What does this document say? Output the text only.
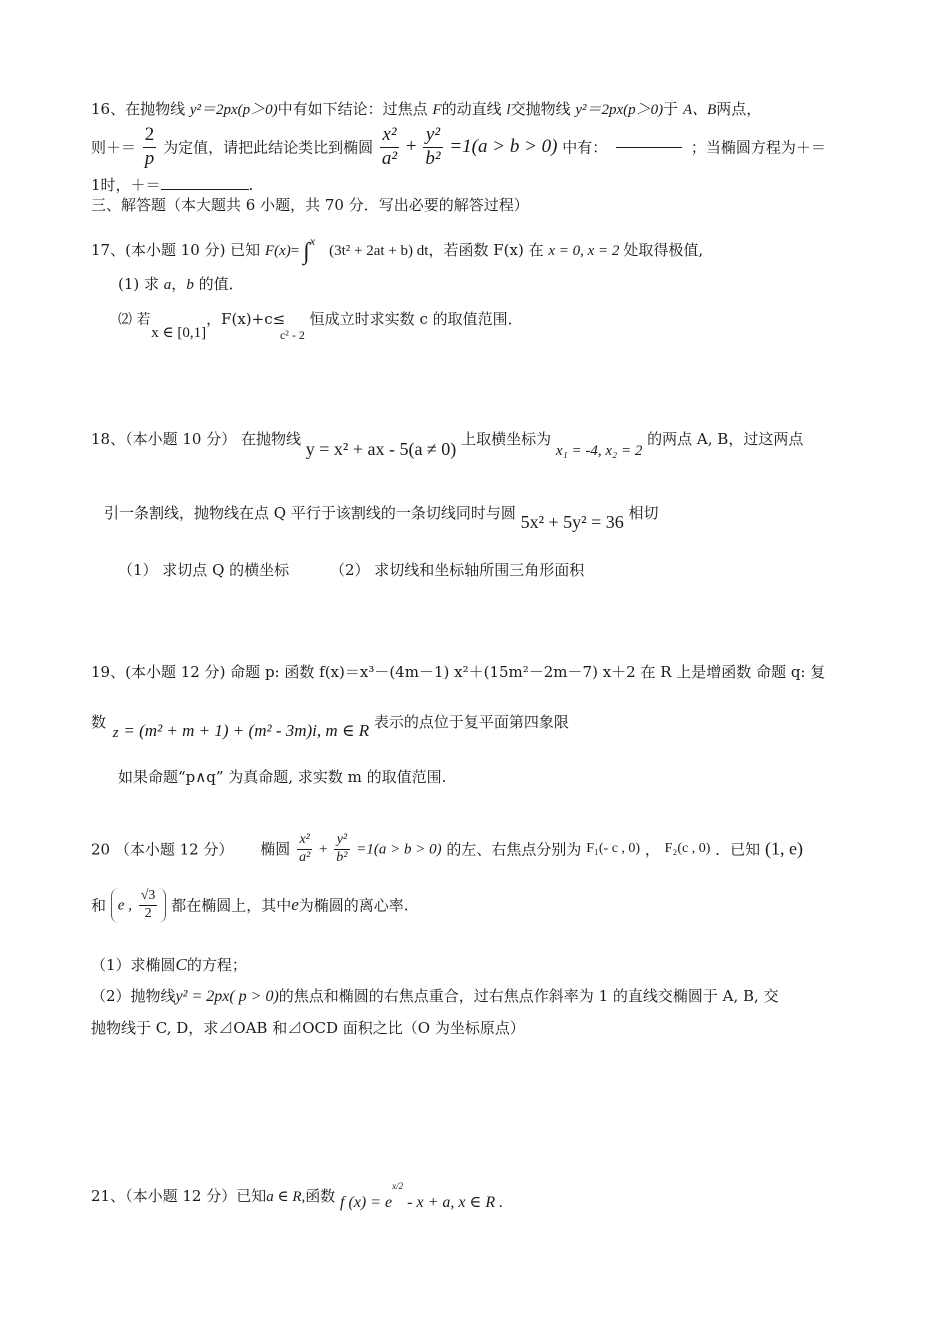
16、在抛物线 y²＝2px(p＞0)中有如下结论：过焦点 F的动直线 l交抛物线 y²＝2px(p＞0)于 A、B两点，
则＋＝ $\frac{2}{p}$ 为定值，请把此结论类比到椭圆 $\frac{\text{x²}}{\text{a²}} + \frac{\text{y²}}{\text{b²}} =1(a > b > 0)$ 中有：	；当椭圆方程为＋＝
1时，＋＝	.
三、解答题（本大题共 6 小题，共 70 分．写出必要的解答过程）
17、(本小题 10 分) 已知 F(x)= ∫$^x$(3t² + 2at + b) dt，若函数 F(x) 在 x = 0, x = 2 处取得极值,
(1) 求 a，b 的值．
⑵ 若 x ∈ [0,1]，F(x)+c≤ $_{c^2 - 2}$ 恒成立时求实数 c 的取值范围．
18、（本小题 10 分） 在抛物线 y = x² + ax - 5(a ≠ 0) 上取横坐标为 x₁ = -4, x₂ = 2 的两点 A, B，过这两点
引一条割线，抛物线在点 Q 平行于该割线的一条切线同时与圆 5x² + 5y² = 36 相切
（1） 求切点 Q 的横坐标	（2） 求切线和坐标轴所围三角形面积
19、(本小题 12 分) 命题 p: 函数 f(x)＝x³－(4m－1) x²＋(15m²－2m－7) x＋2 在 R 上是增函数 命题 q: 复
数 z = (m² + m + 1) + (m² - 3m)i, m ∈ R 表示的点位于复平面第四象限
如果命题“p∧q” 为真命题, 求实数 m 的取值范围.
20 （本小题 12 分） 椭圆 $\frac{\text{x²}}{\text{a²}} + \frac{\text{y²}}{\text{b²}} =1(a > b > 0)$ 的左、右焦点分别为 F₁(- c , 0) ， F₂(c , 0) ．已知 (1, e)
和 e , $\frac{√3}{2}$ 都在椭圆上，其中e为椭圆的离心率.
（1）求椭圆C的方程；
（2）抛物线y² = 2px( p > 0)的焦点和椭圆的右焦点重合，过右焦点作斜率为 1 的直线交椭圆于 A, B, 交
抛物线于 C, D，求⊿OAB 和⊿OCD 面积之比（O 为坐标原点）
21、（本小题 12 分）已知a ∈ R,函数 f $(x) = e^{x/2} - x + a$, x ∈ R .
